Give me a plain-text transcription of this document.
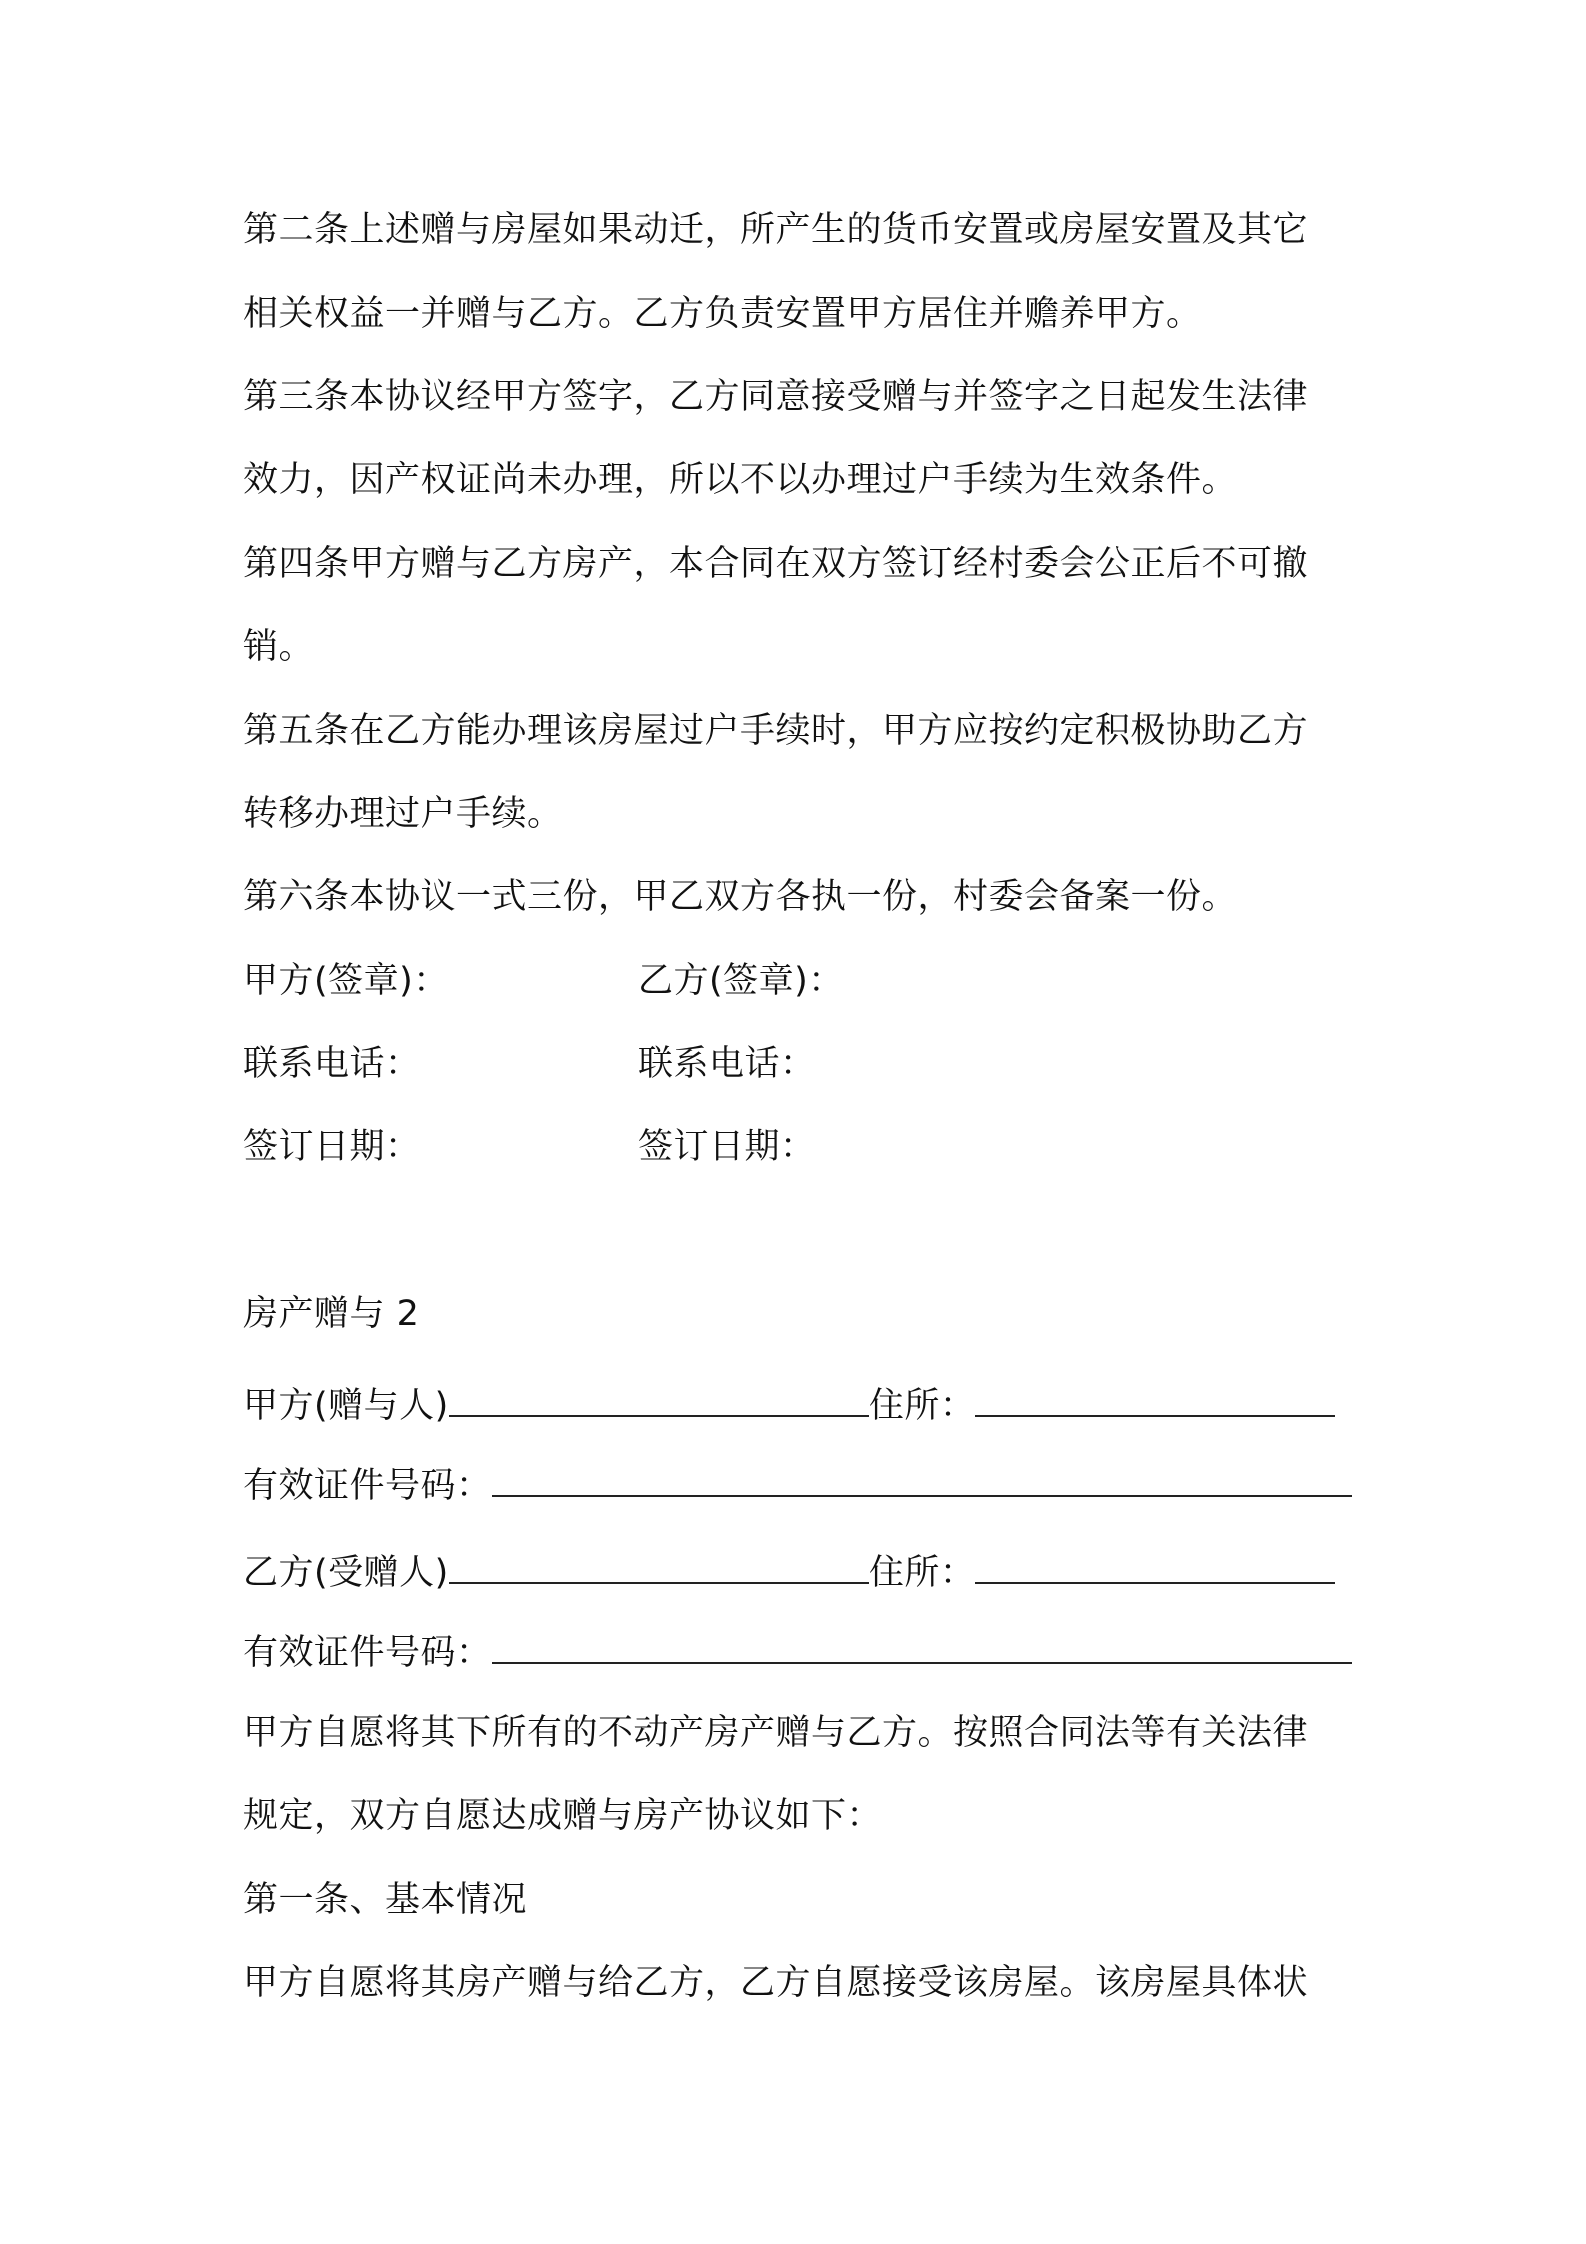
第二条上述赠与房屋如果动迁，所产生的货币安置或房屋安置及其它
相关权益一并赠与乙方。乙方负责安置甲方居住并赡养甲方。
第三条本协议经甲方签字，乙方同意接受赠与并签字之日起发生法律
效力，因产权证尚未办理，所以不以办理过户手续为生效条件。
第四条甲方赠与乙方房产，本合同在双方签订经村委会公正后不可撤
销。
第五条在乙方能办理该房屋过户手续时，甲方应按约定积极协助乙方
转移办理过户手续。
第六条本协议一式三份，甲乙双方各执一份，村委会备案一份。
甲方(签章)：	乙方(签章)：
联系电话：	联系电话：
签订日期：	签订日期：
房产赠与 2
甲方(赠与人)	住所：
有效证件号码：
乙方(受赠人)	住所：
有效证件号码：
甲方自愿将其下所有的不动产房产赠与乙方。按照合同法等有关法律
规定，双方自愿达成赠与房产协议如下：
第一条、基本情况
甲方自愿将其房产赠与给乙方，乙方自愿接受该房屋。该房屋具体状
